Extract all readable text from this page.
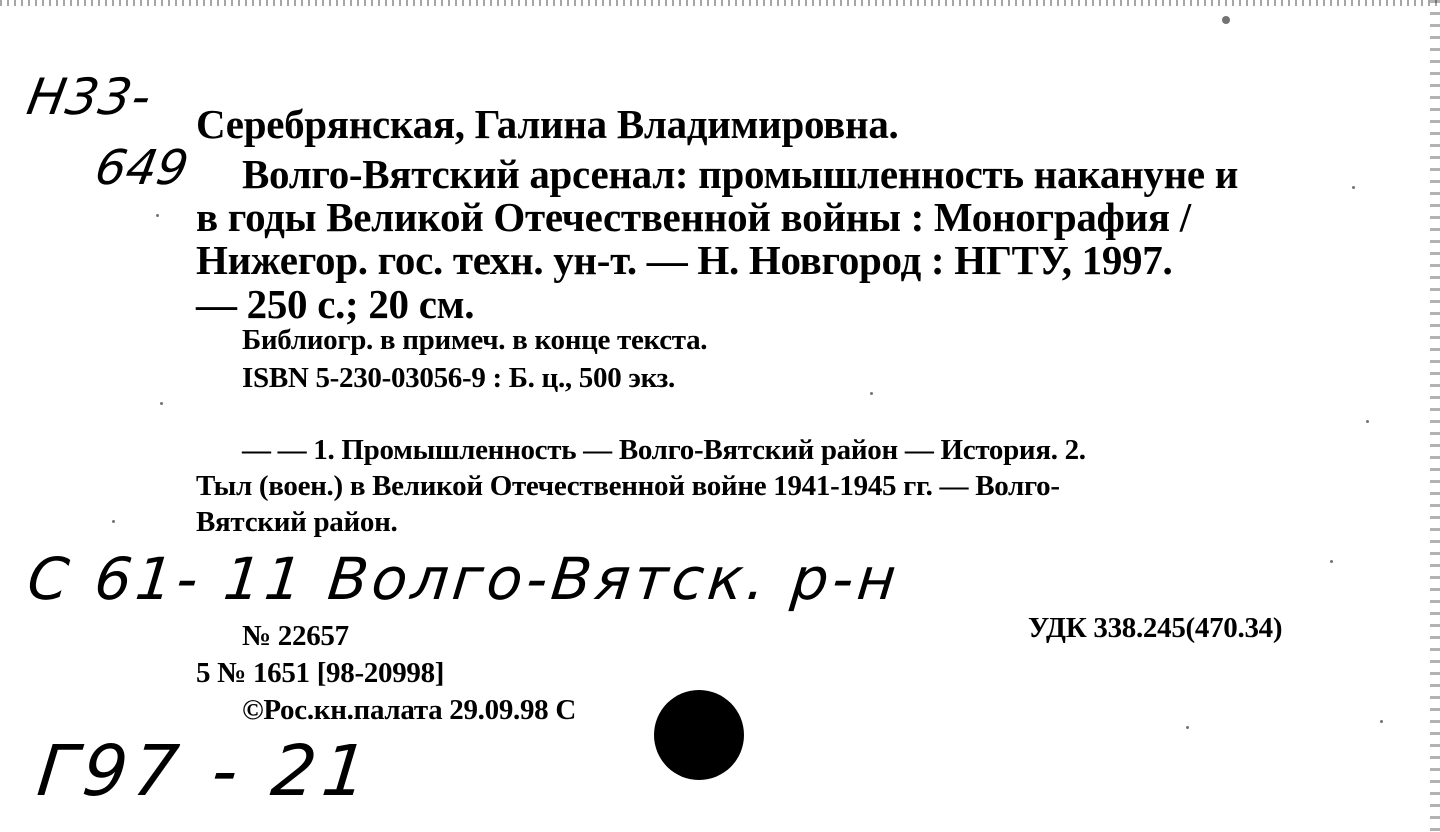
Н33-
649
Серебрянская, Галина Владимировна.
Волго-Вятский арсенал: промышленность накануне и
в годы Великой Отечественной войны : Монография /
Нижегор. гос. техн. ун-т. — Н. Новгород : НГТУ, 1997.
— 250 с.; 20 см.
Библиогр. в примеч. в конце текста.
ISBN 5-230-03056-9 : Б. ц., 500 экз.
— — 1. Промышленность — Волго-Вятский район — История. 2.
Тыл (воен.) в Великой Отечественной войне 1941-1945 гг. — Волго-
Вятский район.
С 61- 11 Волго-Вятск. р-н
УДК 338.245(470.34)
№ 22657
5 № 1651 [98-20998]
©Рос.кн.палата 29.09.98 С
Г97 - 21
